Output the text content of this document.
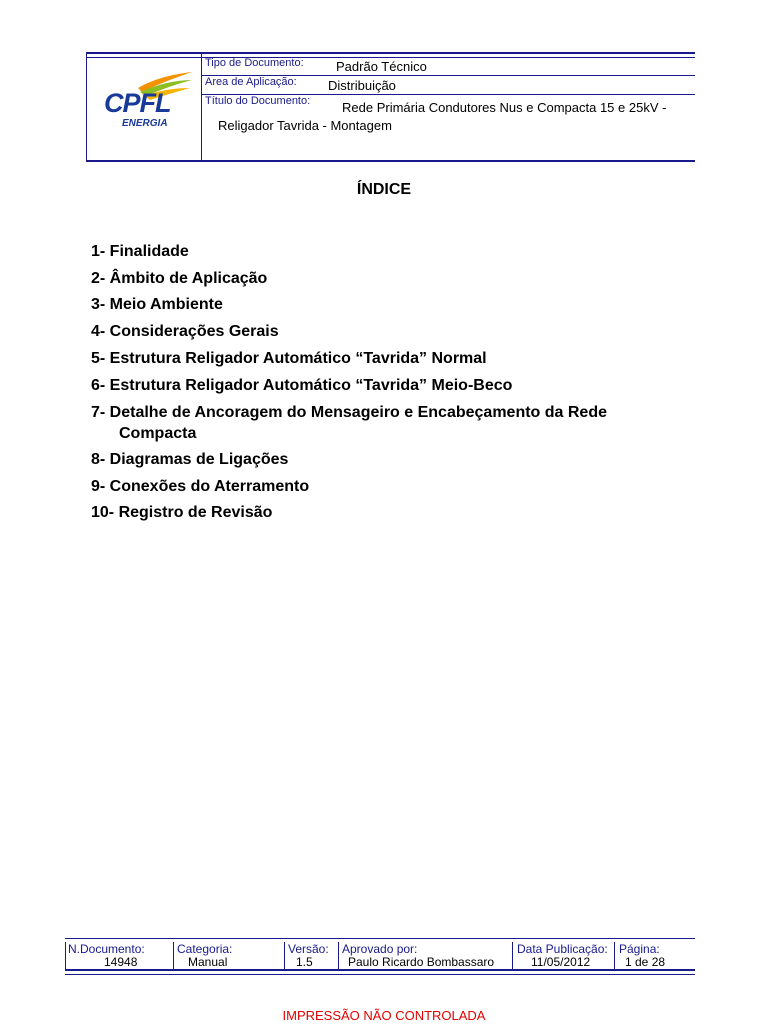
CPFL
ENERGIA
Tipo de Documento: Padrão Técnico
Area de Aplicação: Distribuição
Título do Documento: Rede Primária Condutores Nus e Compacta 15 e 25kV -
Religador Tavrida - Montagem
ÍNDICE
1- Finalidade
2- Âmbito de Aplicação
3- Meio Ambiente
4- Considerações Gerais
5- Estrutura Religador Automático “Tavrida” Normal
6- Estrutura Religador Automático “Tavrida” Meio-Beco
7- Detalhe de Ancoragem do Mensageiro e Encabeçamento da Rede
Compacta
8- Diagramas de Ligações
9- Conexões do Aterramento
10- Registro de Revisão
N.Documento:
14948
Categoria:
Manual
Versão:
1.5
Aprovado por:
Paulo Ricardo Bombassaro
Data Publicação:
11/05/2012
Página:
1 de 28
IMPRESSÃO NÃO CONTROLADA
